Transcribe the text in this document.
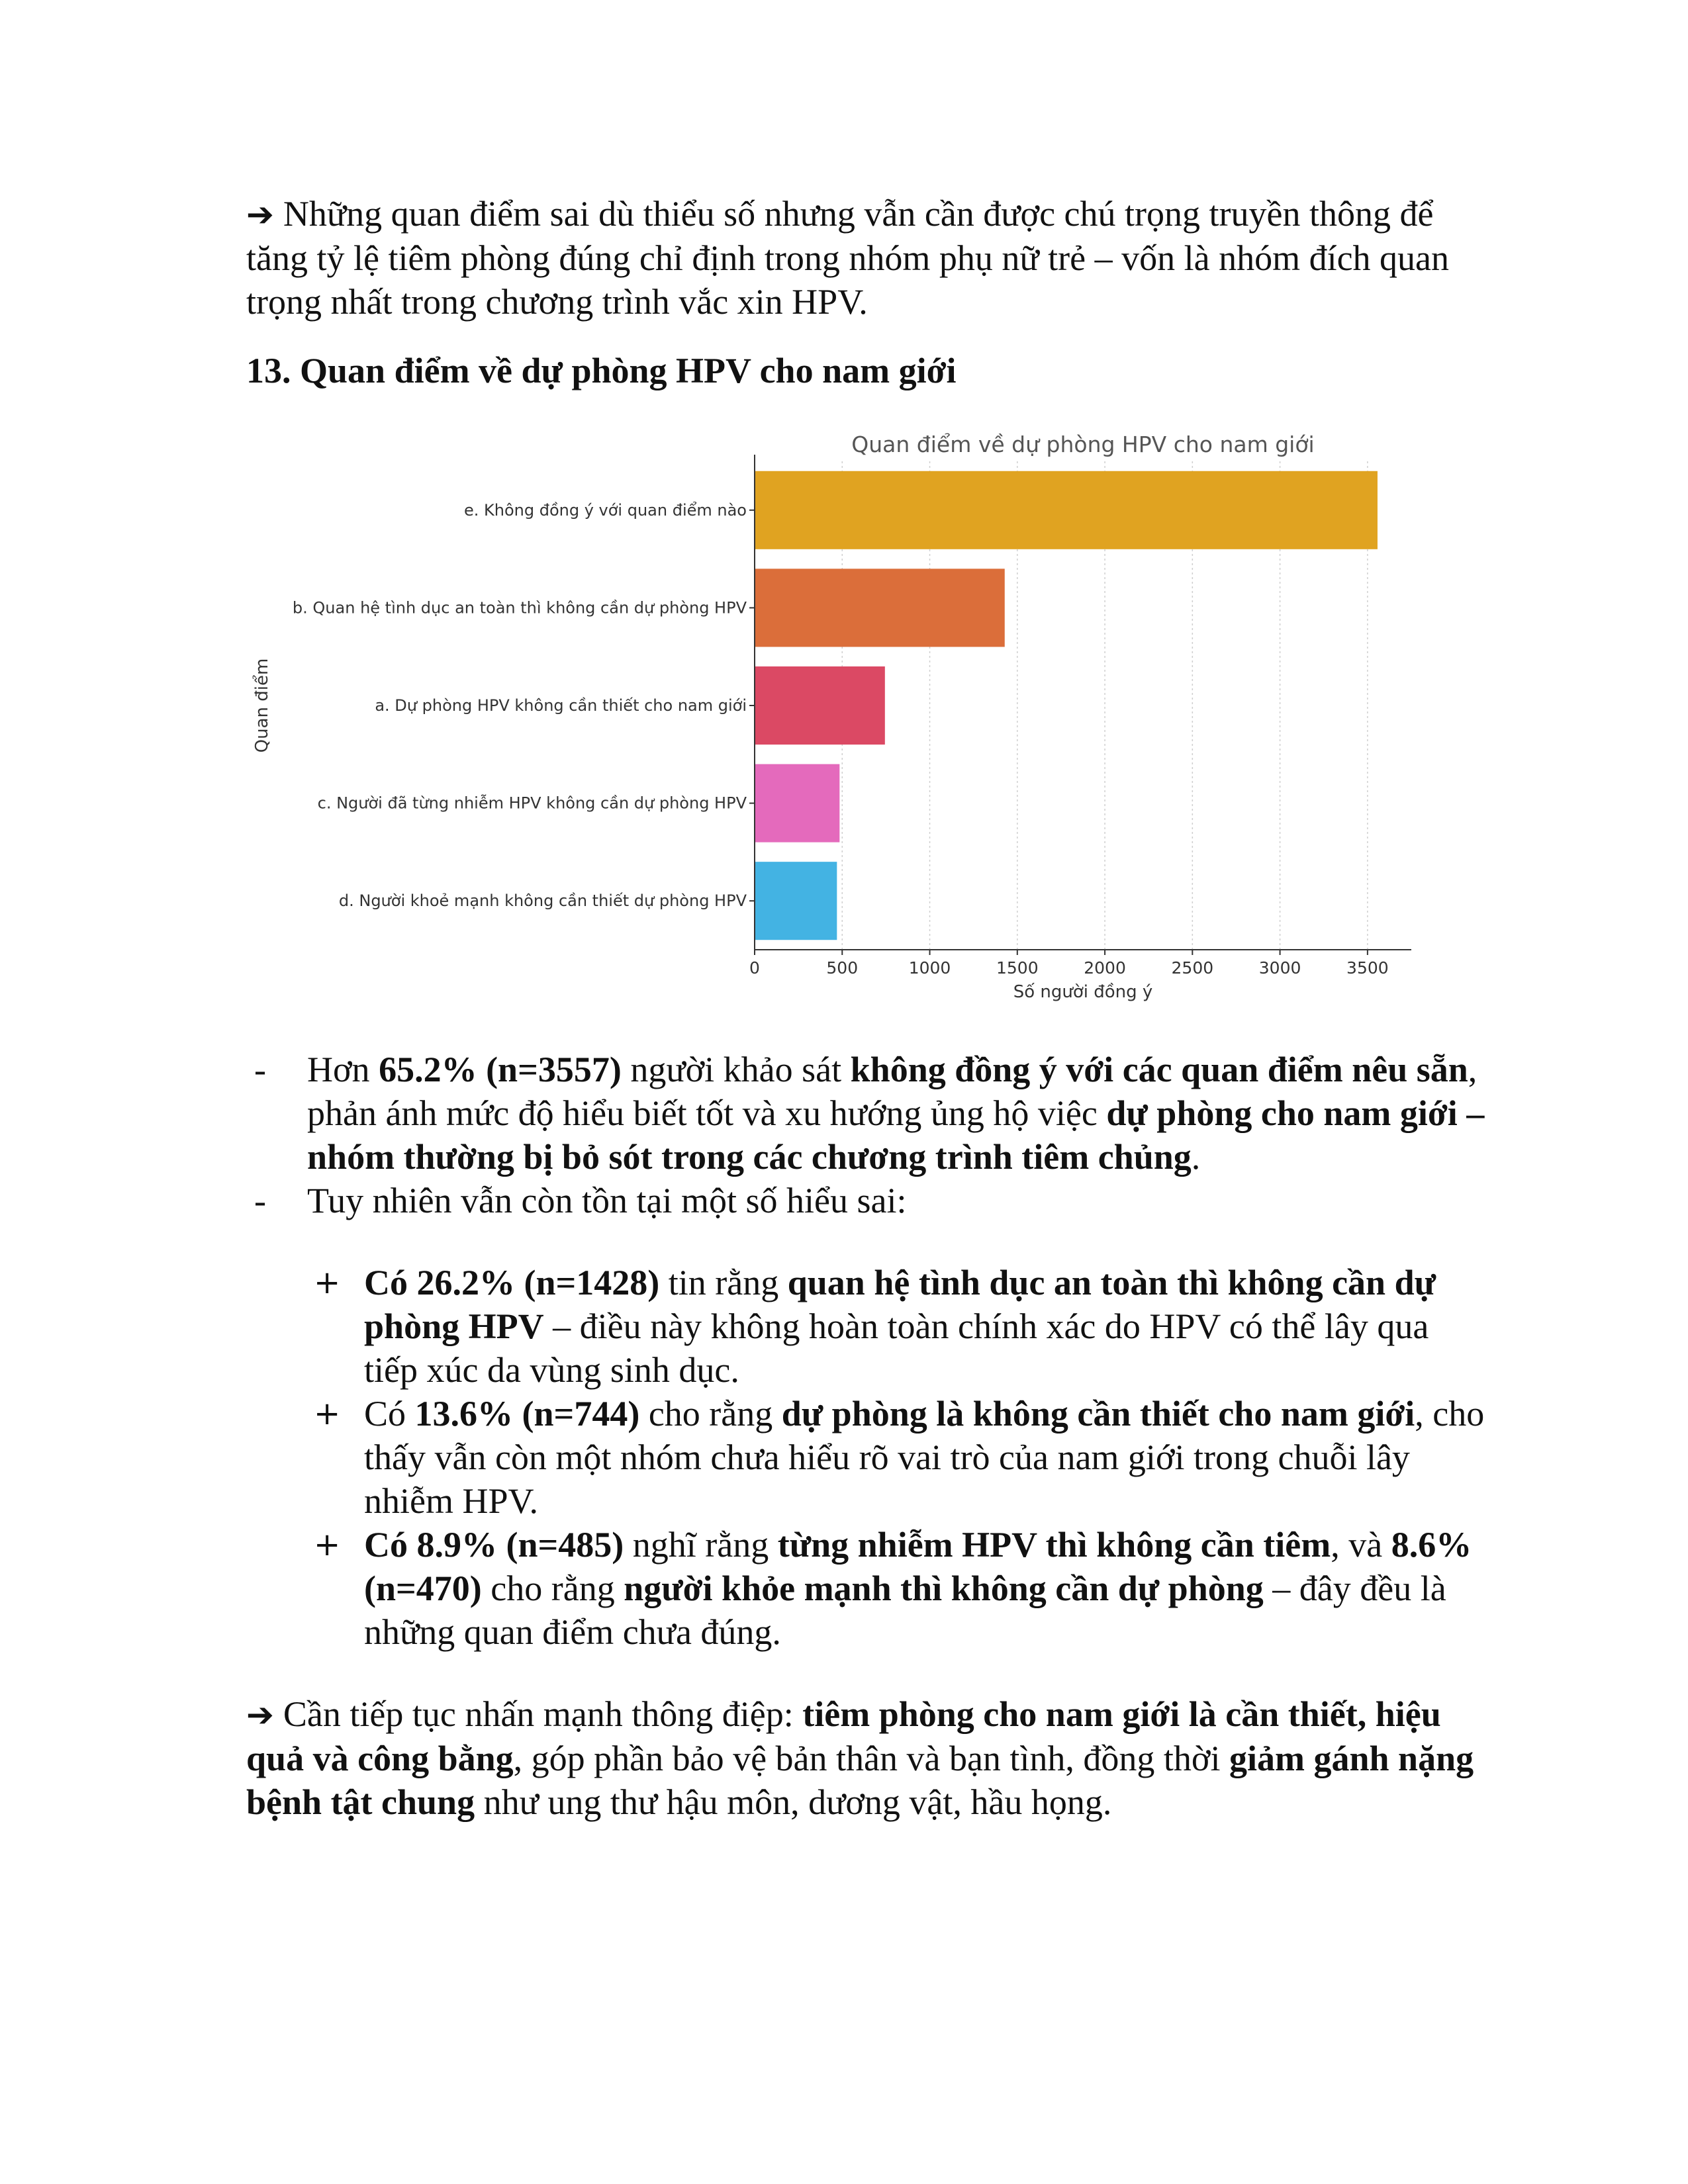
➔ Những quan điểm sai dù thiểu số nhưng vẫn cần được chú trọng truyền thông để tăng tỷ lệ tiêm phòng đúng chỉ định trong nhóm phụ nữ trẻ – vốn là nhóm đích quan trọng nhất trong chương trình vắc xin HPV.

13. Quan điểm về dự phòng HPV cho nam giới
Quan điểm về dự phòng HPV cho nam giới
0	500	1000	1500	2000	2500	3000	3500
e. Không đồng ý với quan điểm nào
b. Quan hệ tình dục an toàn thì không cần dự phòng HPV
a. Dự phòng HPV không cần thiết cho nam giới
c. Người đã từng nhiễm HPV không cần dự phòng HPV
d. Người khoẻ mạnh không cần thiết dự phòng HPV
Số người đồng ý
Quan điểm
- Hơn 65.2% (n=3557) người khảo sát không đồng ý với các quan điểm nêu sẵn, phản ánh mức độ hiểu biết tốt và xu hướng ủng hộ việc dự phòng cho nam giới – nhóm thường bị bỏ sót trong các chương trình tiêm chủng.
- Tuy nhiên vẫn còn tồn tại một số hiểu sai:
+ Có 26.2% (n=1428) tin rằng quan hệ tình dục an toàn thì không cần dự phòng HPV – điều này không hoàn toàn chính xác do HPV có thể lây qua tiếp xúc da vùng sinh dục.
+ Có 13.6% (n=744) cho rằng dự phòng là không cần thiết cho nam giới, cho thấy vẫn còn một nhóm chưa hiểu rõ vai trò của nam giới trong chuỗi lây nhiễm HPV.
+ Có 8.9% (n=485) nghĩ rằng từng nhiễm HPV thì không cần tiêm, và 8.6% (n=470) cho rằng người khỏe mạnh thì không cần dự phòng – đây đều là những quan điểm chưa đúng.

➔ Cần tiếp tục nhấn mạnh thông điệp: tiêm phòng cho nam giới là cần thiết, hiệu quả và công bằng, góp phần bảo vệ bản thân và bạn tình, đồng thời giảm gánh nặng bệnh tật chung như ung thư hậu môn, dương vật, hầu họng.
